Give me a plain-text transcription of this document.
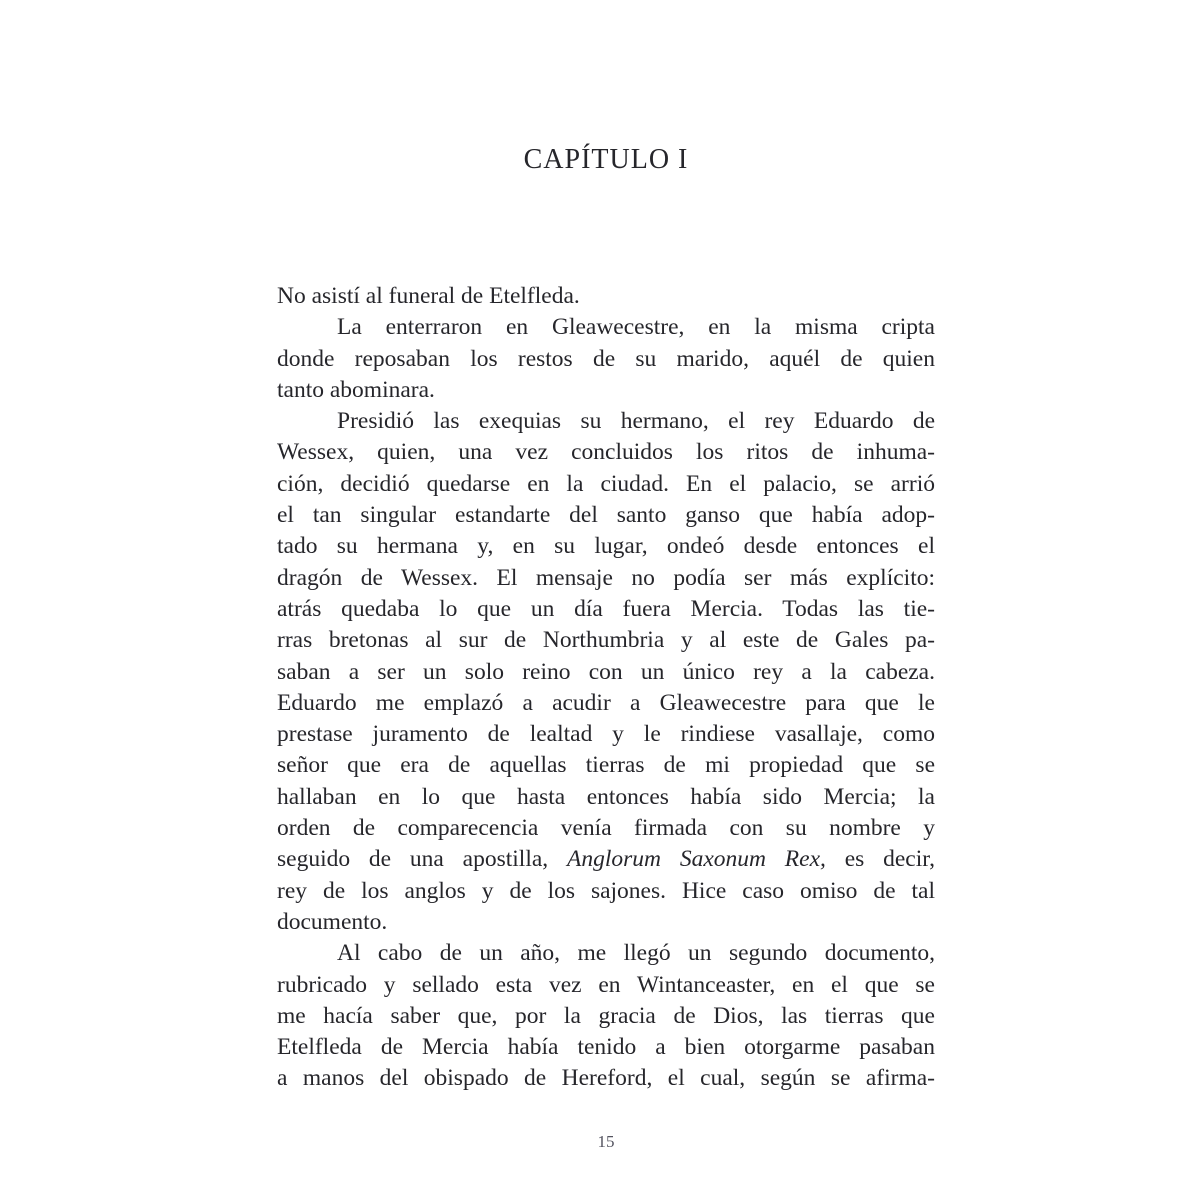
CAPÍTULO I
No asistí al funeral de Etelfleda.
La enterraron en Gleawecestre, en la misma cripta
donde reposaban los restos de su marido, aquél de quien
tanto abominara.
Presidió las exequias su hermano, el rey Eduardo de
Wessex, quien, una vez concluidos los ritos de inhuma-
ción, decidió quedarse en la ciudad. En el palacio, se arrió
el tan singular estandarte del santo ganso que había adop-
tado su hermana y, en su lugar, ondeó desde entonces el
dragón de Wessex. El mensaje no podía ser más explícito:
atrás quedaba lo que un día fuera Mercia. Todas las tie-
rras bretonas al sur de Northumbria y al este de Gales pa-
saban a ser un solo reino con un único rey a la cabeza.
Eduardo me emplazó a acudir a Gleawecestre para que le
prestase juramento de lealtad y le rindiese vasallaje, como
señor que era de aquellas tierras de mi propiedad que se
hallaban en lo que hasta entonces había sido Mercia; la
orden de comparecencia venía firmada con su nombre y
seguido de una apostilla, Anglorum Saxonum Rex, es decir,
rey de los anglos y de los sajones. Hice caso omiso de tal
documento.
Al cabo de un año, me llegó un segundo documento,
rubricado y sellado esta vez en Wintanceaster, en el que se
me hacía saber que, por la gracia de Dios, las tierras que
Etelfleda de Mercia había tenido a bien otorgarme pasaban
a manos del obispado de Hereford, el cual, según se afirma-
15
